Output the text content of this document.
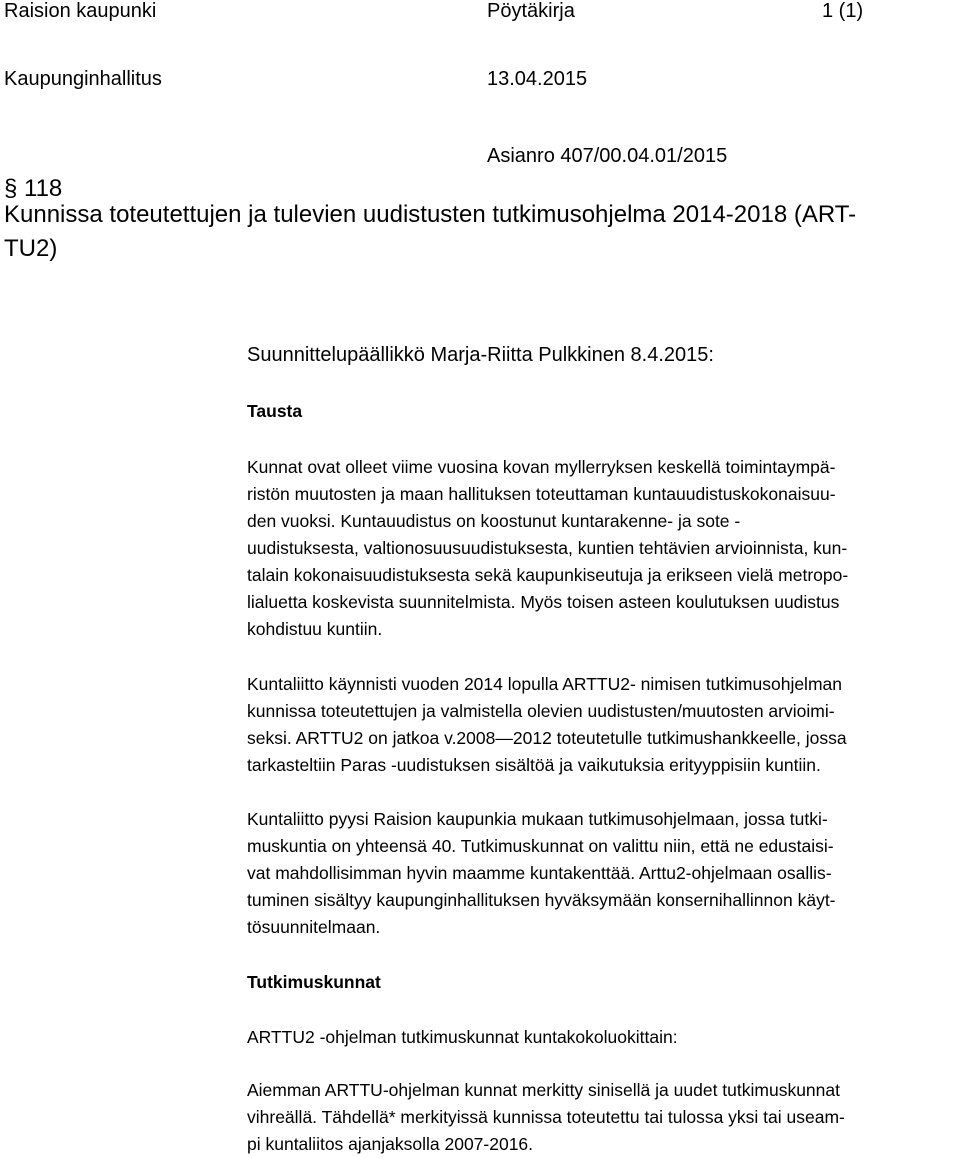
Raision kaupunki	Pöytäkirja	1 (1)
Kaupunginhallitus	13.04.2015
Asianro 407/00.04.01/2015
§ 118
Kunnissa toteutettujen ja tulevien uudistusten tutkimusohjelma 2014-2018 (ART-
TU2)
Suunnittelupäällikkö Marja-Riitta Pulkkinen 8.4.2015:
Tausta

Kunnat ovat olleet viime vuosina kovan myllerryksen keskellä toimintaympä-

ristön muutosten ja maan hallituksen toteuttaman kuntauudistuskokonaisuu-

den vuoksi. Kuntauudistus on koostunut kuntarakenne- ja sote -

uudistuksesta, valtionosuusuudistuksesta, kuntien tehtävien arvioinnista, kun-

talain kokonaisuudistuksesta sekä kaupunkiseutuja ja erikseen vielä metropo-

lialuetta koskevista suunnitelmista. Myös toisen asteen koulutuksen uudistus

kohdistuu kuntiin.

Kuntaliitto käynnisti vuoden 2014 lopulla ARTTU2- nimisen tutkimusohjelman

kunnissa toteutettujen ja valmistella olevien uudistusten/muutosten arvioimi-

seksi. ARTTU2 on jatkoa v.2008—2012 toteutetulle tutkimushankkeelle, jossa

tarkasteltiin Paras -uudistuksen sisältöä ja vaikutuksia erityyppisiin kuntiin.

Kuntaliitto pyysi Raision kaupunkia mukaan tutkimusohjelmaan, jossa tutki-

muskuntia on yhteensä 40. Tutkimuskunnat on valittu niin, että ne edustaisi-

vat mahdollisimman hyvin maamme kuntakenttää. Arttu2-ohjelmaan osallis-

tuminen sisältyy kaupunginhallituksen hyväksymään konsernihallinnon käyt-

tösuunnitelmaan.

Tutkimuskunnat

ARTTU2 -ohjelman tutkimuskunnat kuntakokoluokittain:

Aiemman ARTTU-ohjelman kunnat merkitty sinisellä ja uudet tutkimuskunnat

vihreällä. Tähdellä* merkityissä kunnissa toteutettu tai tulossa yksi tai useam-

pi kuntaliitos ajanjaksolla 2007-2016.
